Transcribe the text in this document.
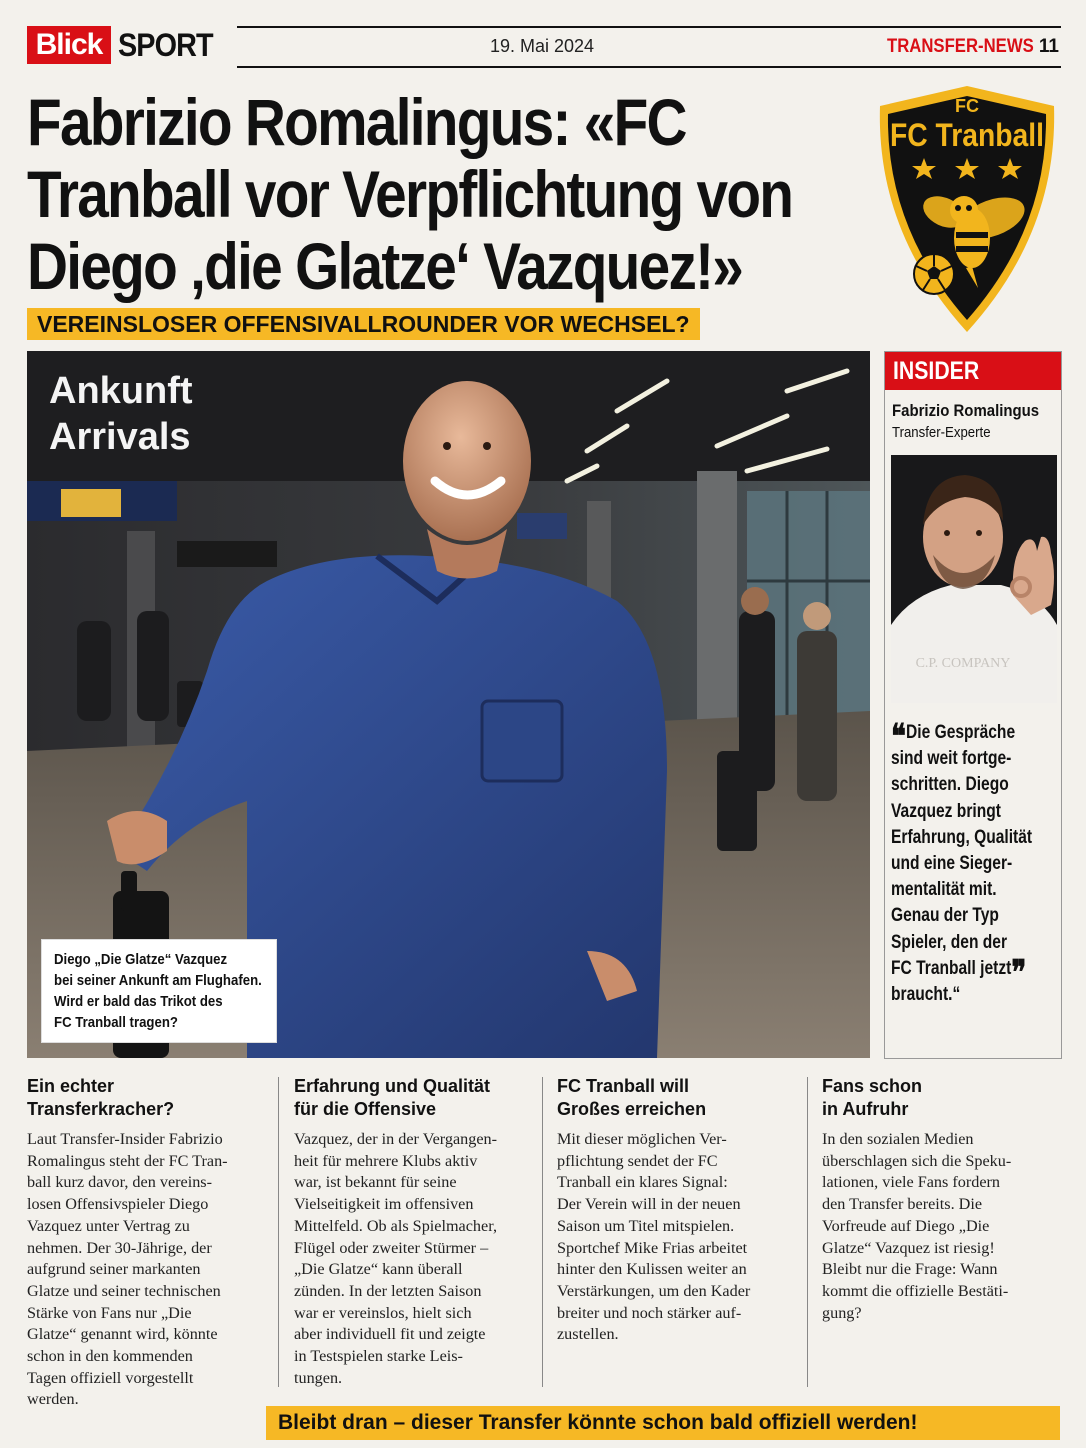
Blick SPORT	19. Mai 2024	TRANSFER-NEWS 11
Fabrizio Romalingus: «FC Tranball vor Verpflichtung von Diego ‚die Glatze‘ Vazquez!»
VEREINSLOSER OFFENSIVALLROUNDER VOR WECHSEL?
FC
FC Tranball
Ankunft
Arrivals
Diego „Die Glatze“ Vazquez
bei seiner Ankunft am Flughafen.
Wird er bald das Trikot des
FC Tranball tragen?
INSIDER
Fabrizio Romalingus
Transfer-Experte
C.P. COMPANY
❝Die Gespräche
sind weit fortge-
schritten. Diego
Vazquez bringt
Erfahrung, Qualität
und eine Sieger-
mentalität mit.
Genau der Typ
Spieler, den der
FC Tranball jetzt❞
braucht.“
Ein echter
Transferkracher?

Laut Transfer-Insider Fabrizio
Romalingus steht der FC Tran-
ball kurz davor, den vereins-
losen Offensivspieler Diego
Vazquez unter Vertrag zu
nehmen. Der 30-Jährige, der
aufgrund seiner markanten
Glatze und seiner technischen
Stärke von Fans nur „Die
Glatze“ genannt wird, könnte
schon in den kommenden
Tagen offiziell vorgestellt
werden.

Erfahrung und Qualität
für die Offensive

Vazquez, der in der Vergangen-
heit für mehrere Klubs aktiv
war, ist bekannt für seine
Vielseitigkeit im offensiven
Mittelfeld. Ob als Spielmacher,
Flügel oder zweiter Stürmer –
„Die Glatze“ kann überall
zünden. In der letzten Saison
war er vereinslos, hielt sich
aber individuell fit und zeigte
in Testspielen starke Leis-
tungen.

FC Tranball will
Großes erreichen

Mit dieser möglichen Ver-
pflichtung sendet der FC
Tranball ein klares Signal:
Der Verein will in der neuen
Saison um Titel mitspielen.
Sportchef Mike Frias arbeitet
hinter den Kulissen weiter an
Verstärkungen, um den Kader
breiter und noch stärker auf-
zustellen.

Fans schon
in Aufruhr

In den sozialen Medien
überschlagen sich die Speku-
lationen, viele Fans fordern
den Transfer bereits. Die
Vorfreude auf Diego „Die
Glatze“ Vazquez ist riesig!
Bleibt nur die Frage: Wann
kommt die offizielle Bestäti-
gung?

Bleibt dran – dieser Transfer könnte schon bald offiziell werden!
